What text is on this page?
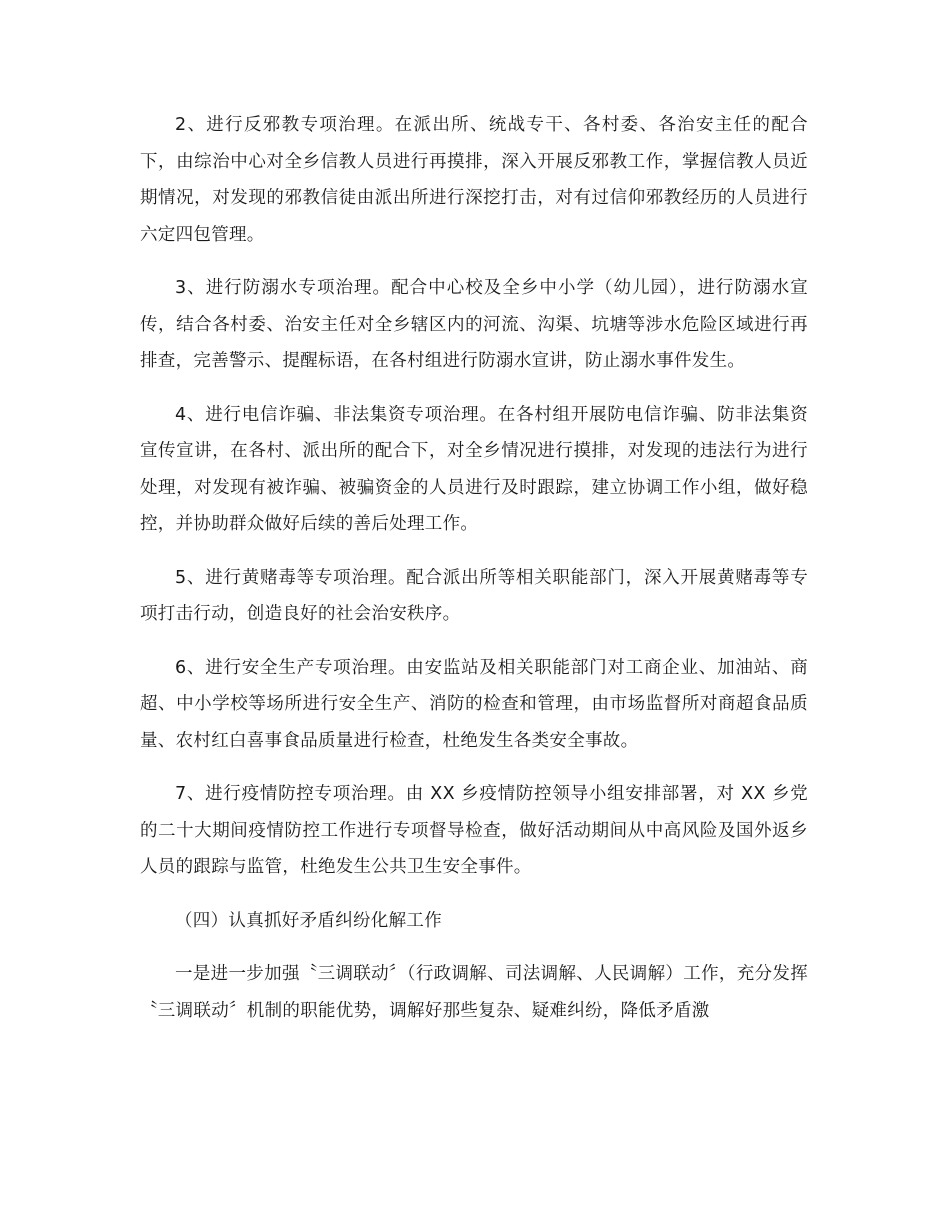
2、进行反邪教专项治理。在派出所、统战专干、各村委、各治安主任的配合下，由综治中心对全乡信教人员进行再摸排，深入开展反邪教工作，掌握信教人员近期情况，对发现的邪教信徒由派出所进行深挖打击，对有过信仰邪教经历的人员进行六定四包管理。

3、进行防溺水专项治理。配合中心校及全乡中小学（幼儿园），进行防溺水宣传，结合各村委、治安主任对全乡辖区内的河流、沟渠、坑塘等涉水危险区域进行再排查，完善警示、提醒标语，在各村组进行防溺水宣讲，防止溺水事件发生。

4、进行电信诈骗、非法集资专项治理。在各村组开展防电信诈骗、防非法集资宣传宣讲，在各村、派出所的配合下，对全乡情况进行摸排，对发现的违法行为进行处理，对发现有被诈骗、被骗资金的人员进行及时跟踪，建立协调工作小组，做好稳控，并协助群众做好后续的善后处理工作。

5、进行黄赌毒等专项治理。配合派出所等相关职能部门，深入开展黄赌毒等专项打击行动，创造良好的社会治安秩序。

6、进行安全生产专项治理。由安监站及相关职能部门对工商企业、加油站、商超、中小学校等场所进行安全生产、消防的检查和管理，由市场监督所对商超食品质量、农村红白喜事食品质量进行检查，杜绝发生各类安全事故。

7、进行疫情防控专项治理。由 XX 乡疫情防控领导小组安排部署，对 XX 乡党的二十大期间疫情防控工作进行专项督导检查，做好活动期间从中高风险及国外返乡人员的跟踪与监管，杜绝发生公共卫生安全事件。

（四）认真抓好矛盾纠纷化解工作

一是进一步加强〝三调联动〞（行政调解、司法调解、人民调解）工作，充分发挥〝三调联动〞机制的职能优势，调解好那些复杂、疑难纠纷，降低矛盾激
